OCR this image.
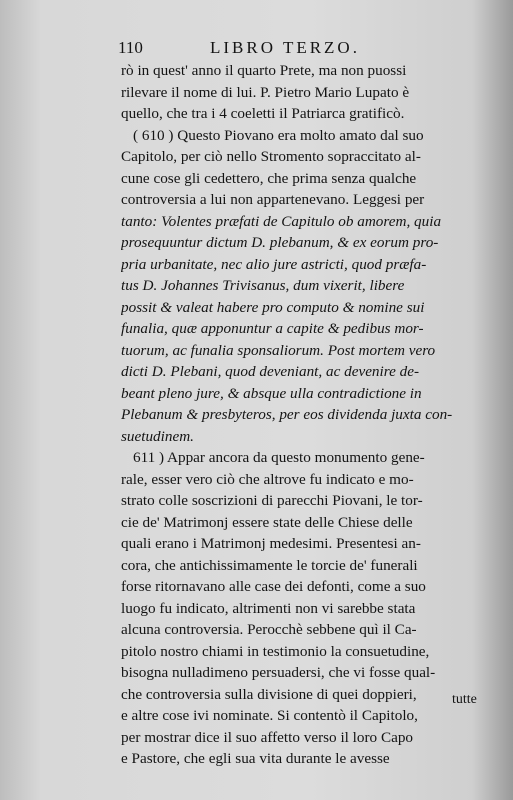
110	LIBRO TERZO.
rò in quest' anno il quarto Prete, ma non puossi
rilevare il nome di lui. P. Pietro Mario Lupato è
quello, che tra i 4 coeletti il Patriarca gratificò.
( 610 ) Questo Piovano era molto amato dal suo
Capitolo, per ciò nello Stromento sopraccitato al-
cune cose gli cedettero, che prima senza qualche
controversia a lui non appartenevano. Leggesi per
tanto: Volentes præfati de Capitulo ob amorem, quia
prosequuntur dictum D. plebanum, & ex eorum pro-
pria urbanitate, nec alio jure astricti, quod præfa-
tus D. Johannes Trivisanus, dum vixerit, libere
possit & valeat habere pro computo & nomine sui
funalia, quæ apponuntur a capite & pedibus mor-
tuorum, ac funalia sponsaliorum. Post mortem vero
dicti D. Plebani, quod deveniant, ac devenire de-
beant pleno jure, & absque ulla contradictione in
Plebanum & presbyteros, per eos dividenda juxta con-
suetudinem.
611 ) Appar ancora da questo monumento gene-
rale, esser vero ciò che altrove fu indicato e mo-
strato colle soscrizioni di parecchi Piovani, le tor-
cie de' Matrimonj essere state delle Chiese delle
quali erano i Matrimonj medesimi. Presentesi an-
cora, che antichissimamente le torcie de' funerali
forse ritornavano alle case dei defonti, come a suo
luogo fu indicato, altrimenti non vi sarebbe stata
alcuna controversia. Perocchè sebbene quì il Ca-
pitolo nostro chiami in testimonio la consuetudine,
bisogna nulladimeno persuadersi, che vi fosse qual-
che controversia sulla divisione di quei doppieri,
e altre cose ivi nominate. Si contentò il Capitolo,
per mostrar dice il suo affetto verso il loro Capo
e Pastore, che egli sua vita durante le avesse
tutte
